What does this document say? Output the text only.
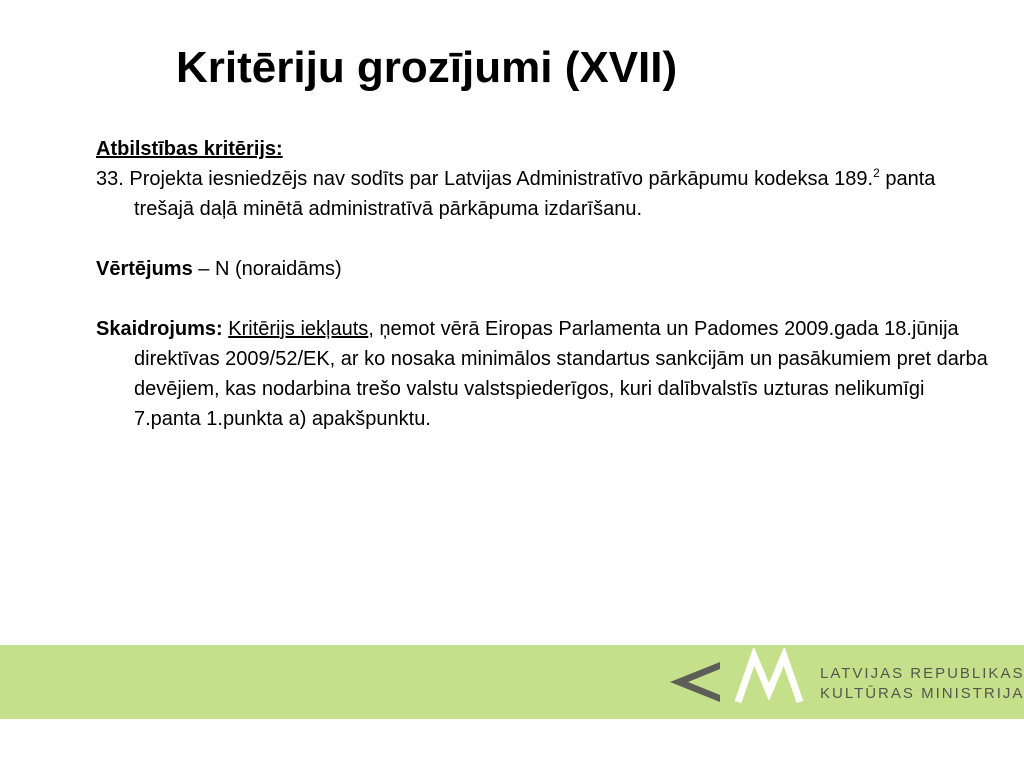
Kritēriju grozījumi (XVII)

Atbilstības kritērijs:

33. Projekta iesniedzējs nav sodīts par Latvijas Administratīvo pārkāpumu kodeksa 189.$^2$ panta trešajā daļā minētā administratīvā pārkāpuma izdarīšanu.

Vērtējums – N (noraidāms)

Skaidrojums: Kritērijs iekļauts, ņemot vērā Eiropas Parlamenta un Padomes 2009.gada 18.jūnija direktīvas 2009/52/EK, ar ko nosaka minimālos standartus sankcijām un pasākumiem pret darba devējiem, kas nodarbina trešo valstu valstspiederīgos, kuri dalībvalstīs uzturas nelikumīgi 7.panta 1.punkta a) apakšpunktu.

LATVIJAS REPUBLIKAS
KULTŪRAS MINISTRIJA
